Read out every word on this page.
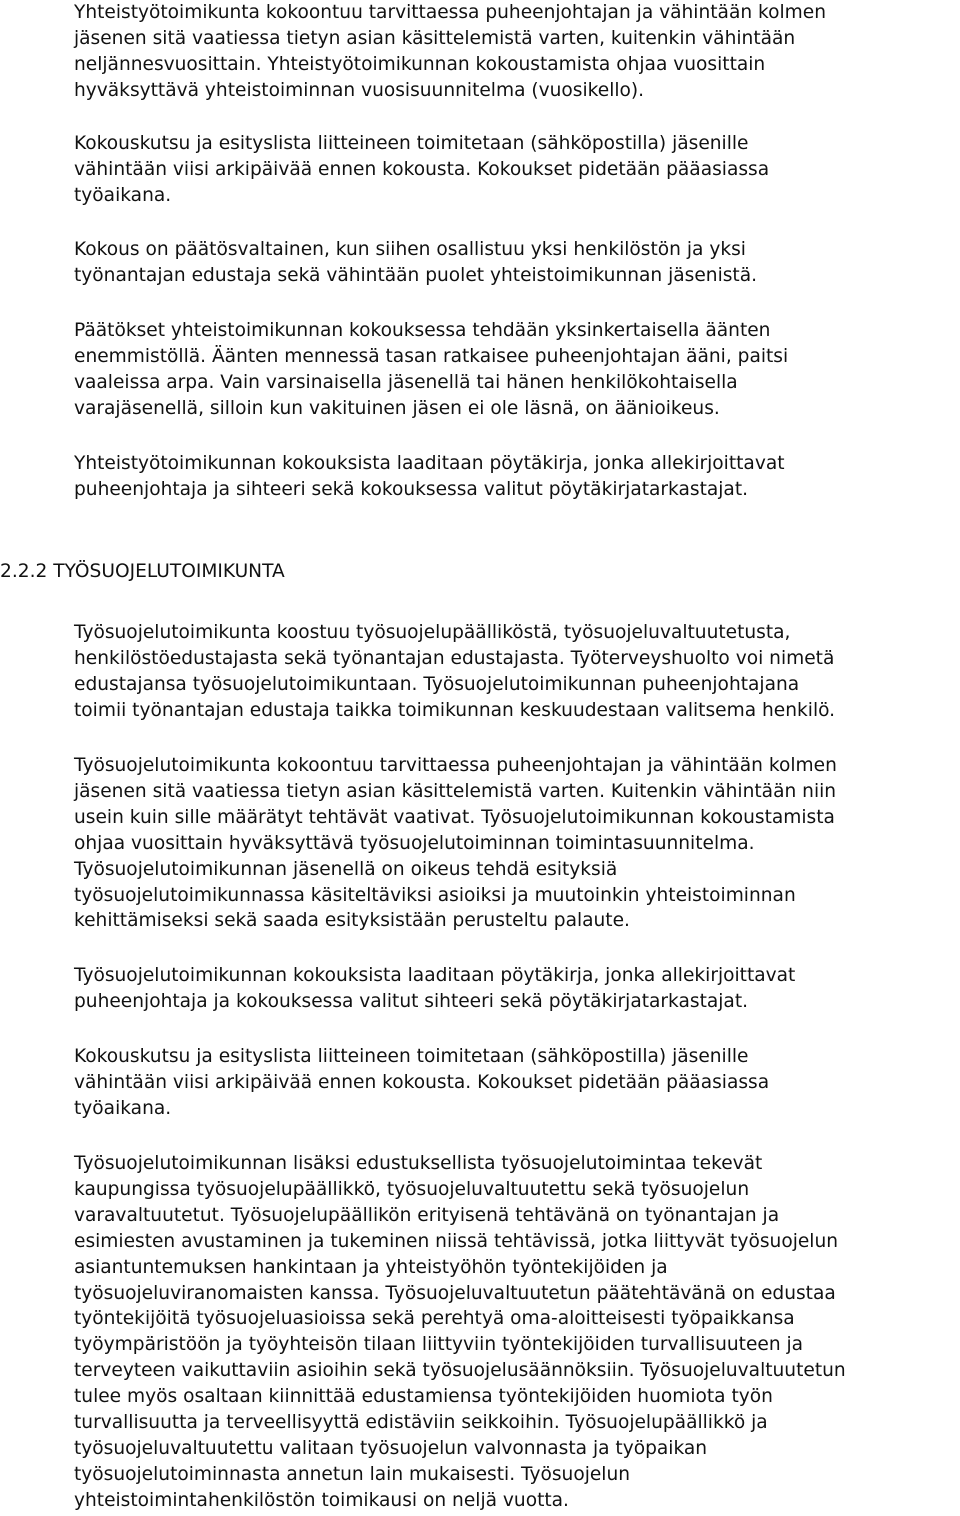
Yhteistyötoimikunta kokoontuu tarvittaessa puheenjohtajan ja vähintään kolmen
jäsenen sitä vaatiessa tietyn asian käsittelemistä varten, kuitenkin vähintään
neljännesvuosittain. Yhteistyötoimikunnan kokoustamista ohjaa vuosittain
hyväksyttävä yhteistoiminnan vuosisuunnitelma (vuosikello).
Kokouskutsu ja esityslista liitteineen toimitetaan (sähköpostilla) jäsenille
vähintään viisi arkipäivää ennen kokousta. Kokoukset pidetään pääasiassa
työaikana.
Kokous on päätösvaltainen, kun siihen osallistuu yksi henkilöstön ja yksi
työnantajan edustaja sekä vähintään puolet yhteistoimikunnan jäsenistä.
Päätökset yhteistoimikunnan kokouksessa tehdään yksinkertaisella äänten
enemmistöllä. Äänten mennessä tasan ratkaisee puheenjohtajan ääni, paitsi
vaaleissa arpa. Vain varsinaisella jäsenellä tai hänen henkilökohtaisella
varajäsenellä, silloin kun vakituinen jäsen ei ole läsnä, on äänioikeus.
Yhteistyötoimikunnan kokouksista laaditaan pöytäkirja, jonka allekirjoittavat
puheenjohtaja ja sihteeri sekä kokouksessa valitut pöytäkirjatarkastajat.
2.2.2 TYÖSUOJELUTOIMIKUNTA
Työsuojelutoimikunta koostuu työsuojelupäälliköstä, työsuojeluvaltuutetusta,
henkilöstöedustajasta sekä työnantajan edustajasta. Työterveyshuolto voi nimetä
edustajansa työsuojelutoimikuntaan. Työsuojelutoimikunnan puheenjohtajana
toimii työnantajan edustaja taikka toimikunnan keskuudestaan valitsema henkilö.
Työsuojelutoimikunta kokoontuu tarvittaessa puheenjohtajan ja vähintään kolmen
jäsenen sitä vaatiessa tietyn asian käsittelemistä varten. Kuitenkin vähintään niin
usein kuin sille määrätyt tehtävät vaativat. Työsuojelutoimikunnan kokoustamista
ohjaa vuosittain hyväksyttävä työsuojelutoiminnan toimintasuunnitelma.
Työsuojelutoimikunnan jäsenellä on oikeus tehdä esityksiä
työsuojelutoimikunnassa käsiteltäviksi asioiksi ja muutoinkin yhteistoiminnan
kehittämiseksi sekä saada esityksistään perusteltu palaute.
Työsuojelutoimikunnan kokouksista laaditaan pöytäkirja, jonka allekirjoittavat
puheenjohtaja ja kokouksessa valitut sihteeri sekä pöytäkirjatarkastajat.
Kokouskutsu ja esityslista liitteineen toimitetaan (sähköpostilla) jäsenille
vähintään viisi arkipäivää ennen kokousta. Kokoukset pidetään pääasiassa
työaikana.
Työsuojelutoimikunnan lisäksi edustuksellista työsuojelutoimintaa tekevät
kaupungissa työsuojelupäällikkö, työsuojeluvaltuutettu sekä työsuojelun
varavaltuutetut. Työsuojelupäällikön erityisenä tehtävänä on työnantajan ja
esimiesten avustaminen ja tukeminen niissä tehtävissä, jotka liittyvät työsuojelun
asiantuntemuksen hankintaan ja yhteistyöhön työntekijöiden ja
työsuojeluviranomaisten kanssa. Työsuojeluvaltuutetun päätehtävänä on edustaa
työntekijöitä työsuojeluasioissa sekä perehtyä oma-aloitteisesti työpaikkansa
työympäristöön ja työyhteisön tilaan liittyviin työntekijöiden turvallisuuteen ja
terveyteen vaikuttaviin asioihin sekä työsuojelusäännöksiin. Työsuojeluvaltuutetun
tulee myös osaltaan kiinnittää edustamiensa työntekijöiden huomiota työn
turvallisuutta ja terveellisyyttä edistäviin seikkoihin. Työsuojelupäällikkö ja
työsuojeluvaltuutettu valitaan työsuojelun valvonnasta ja työpaikan
työsuojelutoiminnasta annetun lain mukaisesti. Työsuojelun
yhteistoimintahenkilöstön toimikausi on neljä vuotta.
